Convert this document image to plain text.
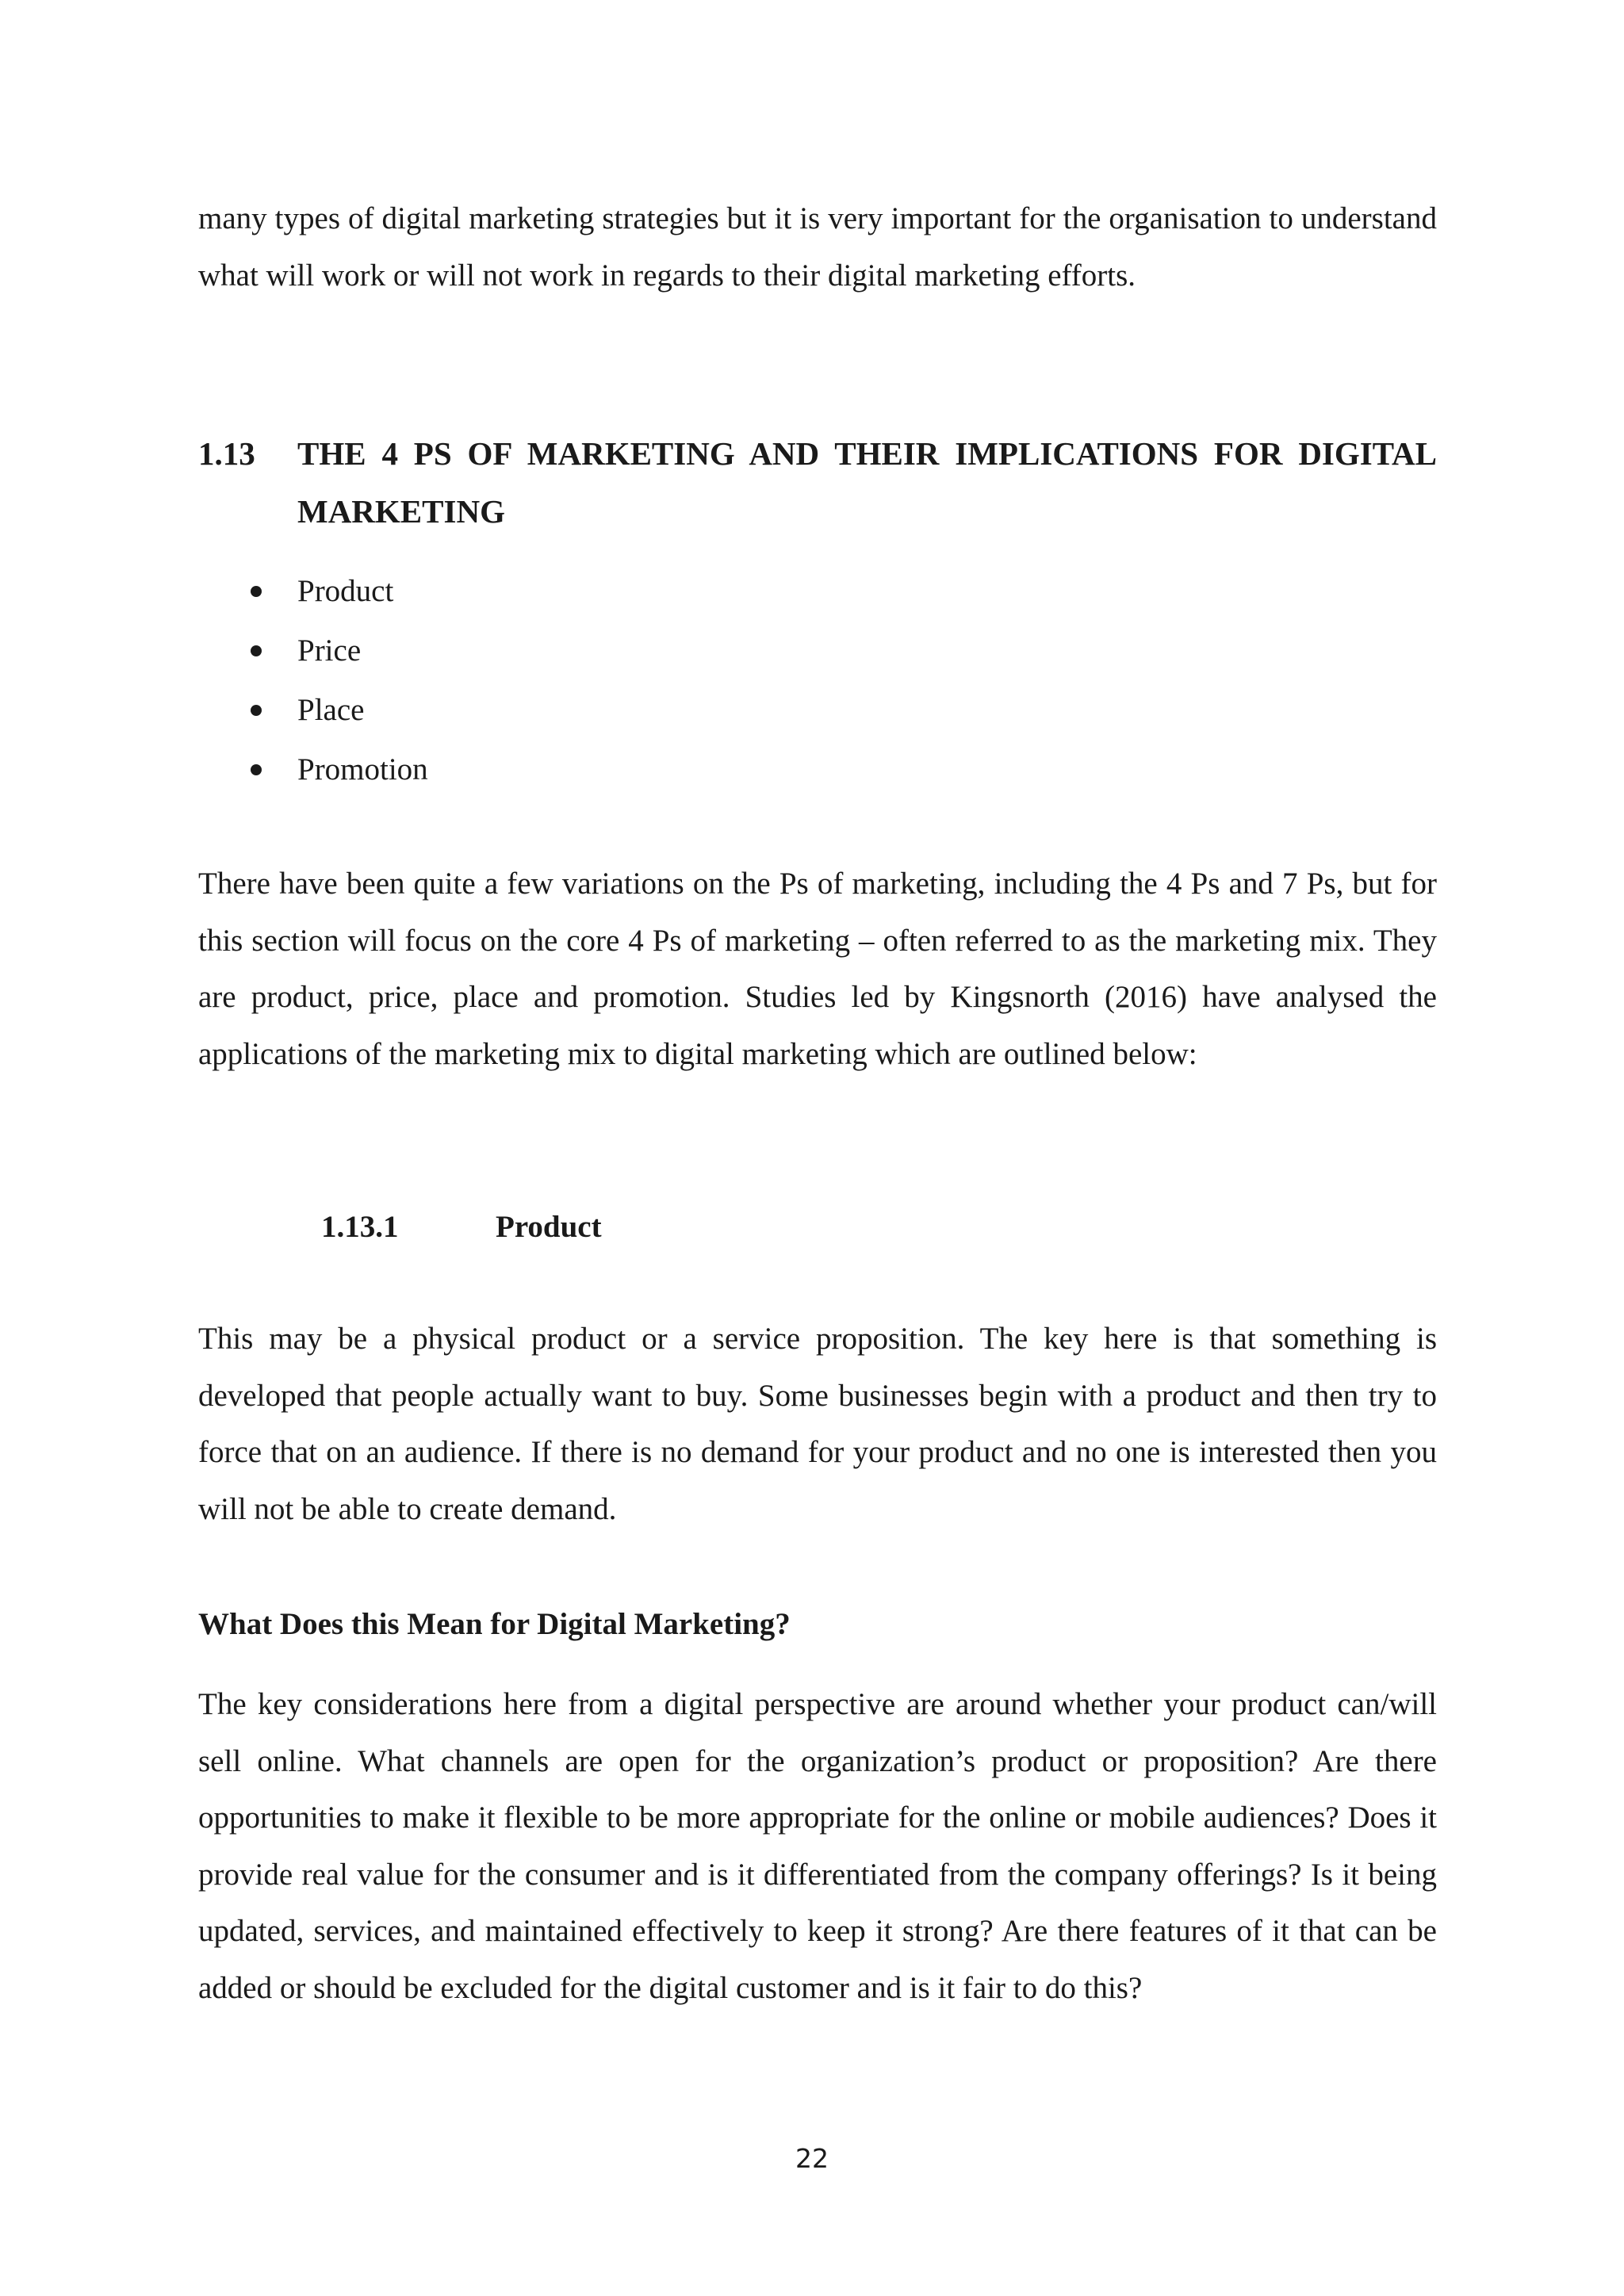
many types of digital marketing strategies but it is very important for the organisation to understand what will work or will not work in regards to their digital marketing efforts.

1.13	THE 4 PS OF MARKETING AND THEIR IMPLICATIONS FOR DIGITAL MARKETING
Product
Price
Place
Promotion

There have been quite a few variations on the Ps of marketing, including the 4 Ps and 7 Ps, but for this section will focus on the core 4 Ps of marketing – often referred to as the marketing mix. They are product, price, place and promotion. Studies led by Kingsnorth (2016) have analysed the applications of the marketing mix to digital marketing which are outlined below:

1.13.1	Product

This may be a physical product or a service proposition. The key here is that something is developed that people actually want to buy. Some businesses begin with a product and then try to force that on an audience. If there is no demand for your product and no one is interested then you will not be able to create demand.

What Does this Mean for Digital Marketing?

The key considerations here from a digital perspective are around whether your product can/will sell online. What channels are open for the organization’s product or proposition? Are there opportunities to make it flexible to be more appropriate for the online or mobile audiences? Does it provide real value for the consumer and is it differentiated from the company offerings? Is it being updated, services, and maintained effectively to keep it strong? Are there features of it that can be added or should be excluded for the digital customer and is it fair to do this?

22
